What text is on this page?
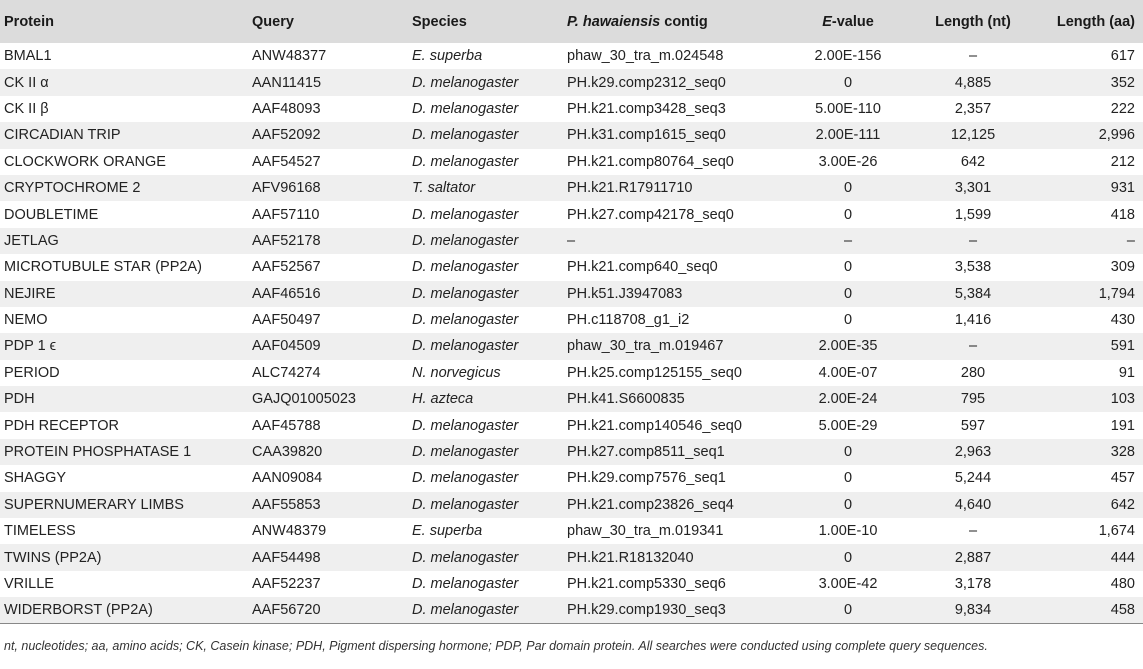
Protein	Query	Species	P. hawaiensis contig	E-value	Length (nt)	Length (aa)
BMAL1	ANW48377	E. superba	phaw_30_tra_m.024548	2.00E-156	–	617
CK II α	AAN11415	D. melanogaster	PH.k29.comp2312_seq0	0	4,885	352
CK II β	AAF48093	D. melanogaster	PH.k21.comp3428_seq3	5.00E-110	2,357	222
CIRCADIAN TRIP	AAF52092	D. melanogaster	PH.k31.comp1615_seq0	2.00E-111	12,125	2,996
CLOCKWORK ORANGE	AAF54527	D. melanogaster	PH.k21.comp80764_seq0	3.00E-26	642	212
CRYPTOCHROME 2	AFV96168	T. saltator	PH.k21.R17911710	0	3,301	931
DOUBLETIME	AAF57110	D. melanogaster	PH.k27.comp42178_seq0	0	1,599	418
JETLAG	AAF52178	D. melanogaster	–	–	–	–
MICROTUBULE STAR (PP2A)	AAF52567	D. melanogaster	PH.k21.comp640_seq0	0	3,538	309
NEJIRE	AAF46516	D. melanogaster	PH.k51.J3947083	0	5,384	1,794
NEMO	AAF50497	D. melanogaster	PH.c118708_g1_i2	0	1,416	430
PDP 1 ϵ	AAF04509	D. melanogaster	phaw_30_tra_m.019467	2.00E-35	–	591
PERIOD	ALC74274	N. norvegicus	PH.k25.comp125155_seq0	4.00E-07	280	91
PDH	GAJQ01005023	H. azteca	PH.k41.S6600835	2.00E-24	795	103
PDH RECEPTOR	AAF45788	D. melanogaster	PH.k21.comp140546_seq0	5.00E-29	597	191
PROTEIN PHOSPHATASE 1	CAA39820	D. melanogaster	PH.k27.comp8511_seq1	0	2,963	328
SHAGGY	AAN09084	D. melanogaster	PH.k29.comp7576_seq1	0	5,244	457
SUPERNUMERARY LIMBS	AAF55853	D. melanogaster	PH.k21.comp23826_seq4	0	4,640	642
TIMELESS	ANW48379	E. superba	phaw_30_tra_m.019341	1.00E-10	–	1,674
TWINS (PP2A)	AAF54498	D. melanogaster	PH.k21.R18132040	0	2,887	444
VRILLE	AAF52237	D. melanogaster	PH.k21.comp5330_seq6	3.00E-42	3,178	480
WIDERBORST (PP2A)	AAF56720	D. melanogaster	PH.k29.comp1930_seq3	0	9,834	458
nt, nucleotides; aa, amino acids; CK, Casein kinase; PDH, Pigment dispersing hormone; PDP, Par domain protein. All searches were conducted using complete query sequences.
